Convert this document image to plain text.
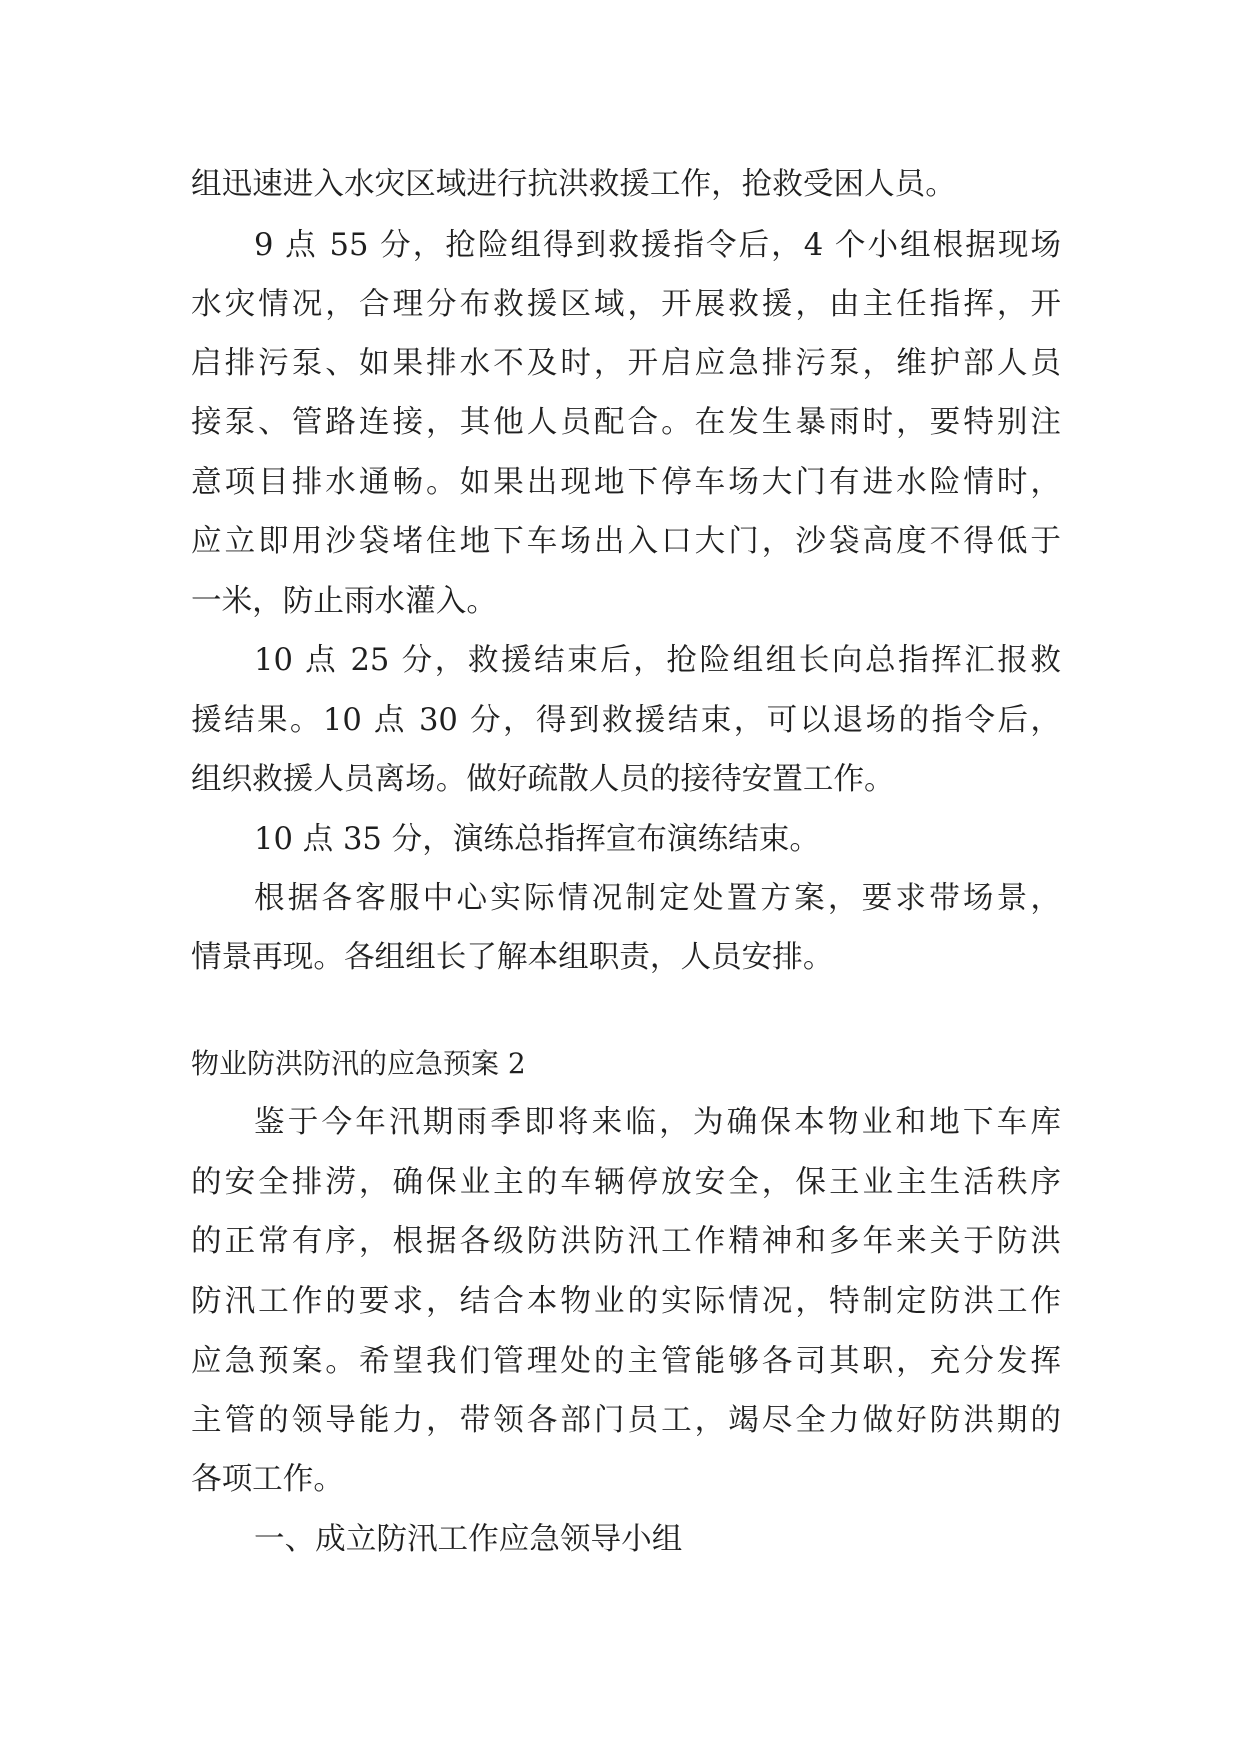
组迅速进入水灾区域进行抗洪救援工作，抢救受困人员。
9 点 55 分，抢险组得到救援指令后，4 个小组根据现场
水灾情况，合理分布救援区域，开展救援，由主任指挥，开
启排污泵、如果排水不及时，开启应急排污泵，维护部人员
接泵、管路连接，其他人员配合。在发生暴雨时，要特别注
意项目排水通畅。如果出现地下停车场大门有进水险情时，
应立即用沙袋堵住地下车场出入口大门，沙袋高度不得低于
一米，防止雨水灌入。
10 点 25 分，救援结束后，抢险组组长向总指挥汇报救
援结果。10 点 30 分，得到救援结束，可以退场的指令后，
组织救援人员离场。做好疏散人员的接待安置工作。
10 点 35 分，演练总指挥宣布演练结束。
根据各客服中心实际情况制定处置方案，要求带场景，
情景再现。各组组长了解本组职责，人员安排。
物业防洪防汛的应急预案 2
鉴于今年汛期雨季即将来临，为确保本物业和地下车库
的安全排涝，确保业主的车辆停放安全，保王业主生活秩序
的正常有序，根据各级防洪防汛工作精神和多年来关于防洪
防汛工作的要求，结合本物业的实际情况，特制定防洪工作
应急预案。希望我们管理处的主管能够各司其职，充分发挥
主管的领导能力，带领各部门员工，竭尽全力做好防洪期的
各项工作。
一、成立防汛工作应急领导小组
